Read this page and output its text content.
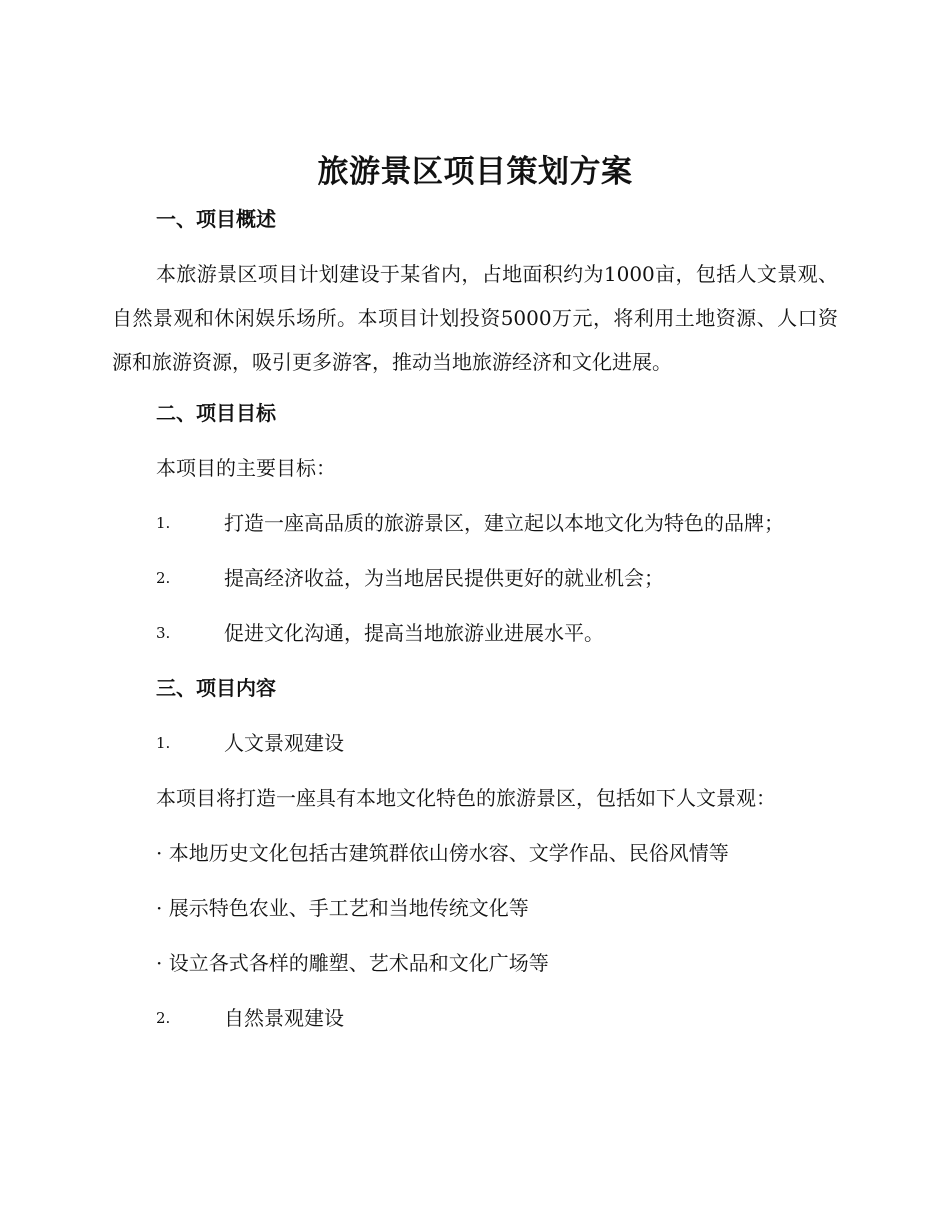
旅游景区项目策划方案
一、项目概述
本旅游景区项目计划建设于某省内，占地面积约为1000亩，包括人文景观、自然景观和休闲娱乐场所。本项目计划投资5000万元，将利用土地资源、人口资源和旅游资源，吸引更多游客，推动当地旅游经济和文化进展。
二、项目目标
本项目的主要目标：
1.	打造一座高品质的旅游景区，建立起以本地文化为特色的品牌；
2.	提高经济收益，为当地居民提供更好的就业机会；
3.	促进文化沟通，提高当地旅游业进展水平。
三、项目内容
1.	人文景观建设
本项目将打造一座具有本地文化特色的旅游景区，包括如下人文景观：
· 本地历史文化包括古建筑群依山傍水容、文学作品、民俗风情等
· 展示特色农业、手工艺和当地传统文化等
· 设立各式各样的雕塑、艺术品和文化广场等
2.	自然景观建设
